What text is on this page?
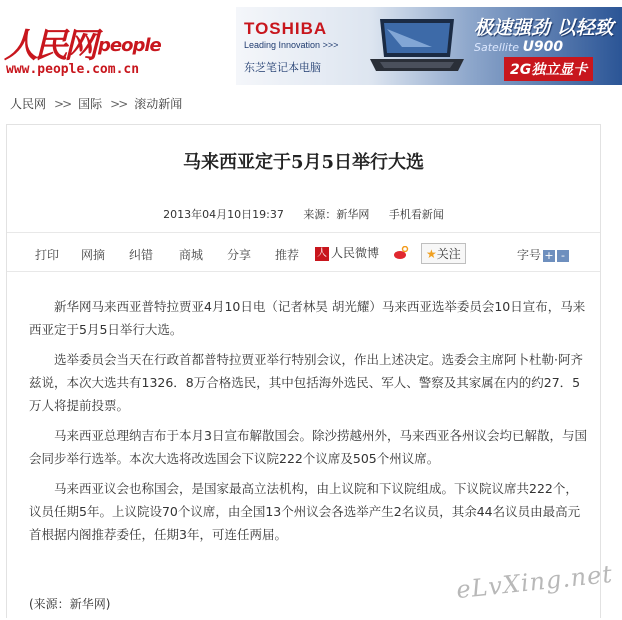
人民网 people
www.people.com.cn
TOSHIBA
Leading Innovation >>>
东芝笔记本电脑
极速强劲 以轻致
Satellite U900
2G独立显卡
人民网 >> 国际 >> 滚动新闻
马来西亚定于5月5日举行大选
2013年04月10日19:37 来源：新华网 手机看新闻
打印 网摘 纠错 商城 分享 推荐 人 人民微博	★关注	字号 + -

新华网马来西亚普特拉贾亚4月10日电（记者林昊 胡光耀）马来西亚选举委员会10日宣布，马来西亚定于5月5日举行大选。

选举委员会当天在行政首都普特拉贾亚举行特别会议，作出上述决定。选委会主席阿卜杜勒·阿齐兹说，本次大选共有1326．8万合格选民，其中包括海外选民、军人、警察及其家属在内的约27．5万人将提前投票。

马来西亚总理纳吉布于本月3日宣布解散国会。除沙捞越州外，马来西亚各州议会均已解散，与国会同步举行选举。本次大选将改选国会下议院222个议席及505个州议席。

马来西亚议会也称国会，是国家最高立法机构，由上议院和下议院组成。下议院议席共222个，议员任期5年。上议院设70个议席，由全国13个州议会各选举产生2名议员，其余44名议员由最高元首根据内阁推荐委任，任期3年，可连任两届。

(来源：新华网)	eLvXing.net
